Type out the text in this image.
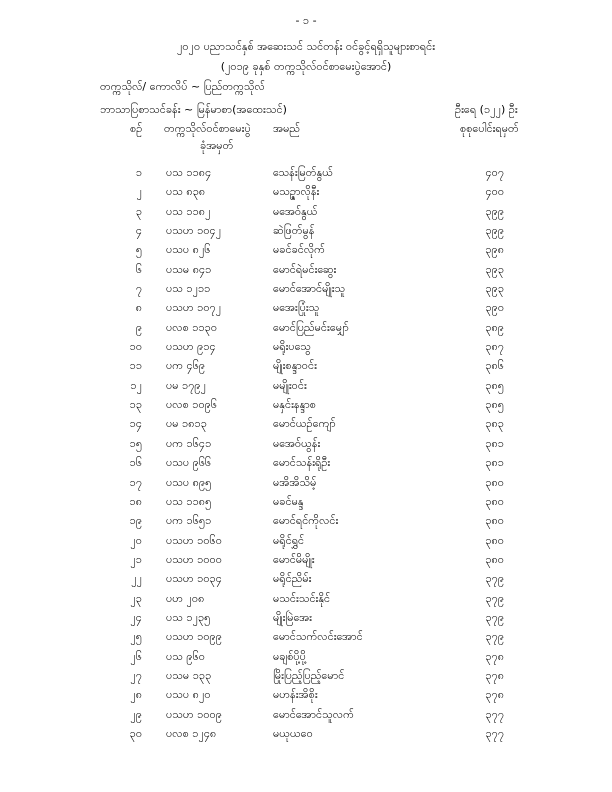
- ၁ -
၂၀၂၀ ပညာသင်နှစ် အဆေးသင် သင်တန်း ဝင်ခွင့်ရရှိသူများစာရင်း
(၂၀၁၉ ခုနှစ် တက္ကသိုလ်ဝင်စာမေးပွဲအောင်)
တက္ကသိုလ်/ ကောလိပ် ~ ပြည်တက္ကသိုလ်
ဘာသာပြစာသင်ခန်း ~ မြန်မာစာ(အထေးသင်)	ဦးရေ (၁၂၂) ဦး
စဉ် တက္ကသိုလ်ဝင်စာမေးပွဲ
ခုံအမှတ်
အမည်	စုစုပေါင်းရမှတ်
၁ ပသ ၁၁၈၄	သေန်းမြတ်နွယ်	၄၀၇
၂ ပသ ၈၃၈	မသဥ္ဇာလိုနီး	၄၀၀
၃ ပသ ၁၁၈၂	မအေဝ်နွယ်	၃၉၉
၄ ပသဟ ၁၀၄၂	ဆဲဖြတ်မွန်	၃၉၉
၅ ပသပ ၈၂၆	မခင်ခင်လိုက်	၃၉၈
၆ ပသမ ၈၄၁	မောင်ရဲမင်းဆွေး	၃၉၃
၇ ပသ ၁၂၁၁	မောင်အောင်မျိုးသူ	၃၉၃
၈ ပသဟ ၁၀၇၂	မအေးပြုံးသူ	၃၉၀
၉ ပလစ ၁၁၃၀	မောင်ပြည်မင်းမျှော်	၃၈၉
၁၀ ပသဟ ၉၁၄	မရိုးပသွေ	၃၈၇
၁၁ ပက ၄၆၉	မျိုးစန္ဒာဝင်း	၃၈၆
၁၂ ပမ ၁၇၉၂	မမျိုးဝင်း	၃၈၅
၁၃ ပလစ ၁၀၉၆	မနှင်းနန္ဒာစ	၃၈၅
၁၄ ပမ ၁၈၁၃	မောင်ယဉ်ကျော်	၃၈၃
၁၅ ပက ၁၆၄၁	မအေဝ်ယွန်း	၃၈၁
၁၆ ပသပ ၉၆၆	မောင်သန်းရိုဦး	၃၈၁
၁၇ ပသပ ၈၉၅	မအိအိသိမ့်	၃၈၀
၁၈ ပသ ၁၁၈၅	မခင်မန္ဒ	၃၈၀
၁၉ ပက ၁၆၅၁	မောင်ရင်ကိုလင်း	၃၈၀
၂၀ ပသဟ ၁၀၆၀	မရိုင်ရွှင်	၃၈၀
၂၁ ပသဟ ၁၀၀၀	မောင်မိမျိုး	၃၈၀
၂၂ ပသဟ ၁၀၃၄	မရိုင်ညိမ်း	၃၇၉
၂၃ ပဟ ၂၀၈	မသင်းသင်းနိုင်	၃၇၉
၂၄ ပသ ၁၂၃၅	မျိုးမြဲအေး	၃၇၉
၂၅ ပသဟ ၁၀၉၉	မောင်သက်လင်းအောင်	၃၇၉
၂၆ ပသ ၉၆၀	မချစ်ပို့ပို့	၃၇၈
၂၇ ပသမ ၁၃၃	မြိုးပြည့်ပြည့်မောင်	၃၇၈
၂၈ ပသပ ၈၂၀	မဟန်းအိစိုး	၃၇၈
၂၉ ပသဟ ၁၀၀၉	မောင်အောင်သူလက်	၃၇၇
၃၀ ပလစ ၁၂၄၈	မယုယဝေ	၃၇၇
